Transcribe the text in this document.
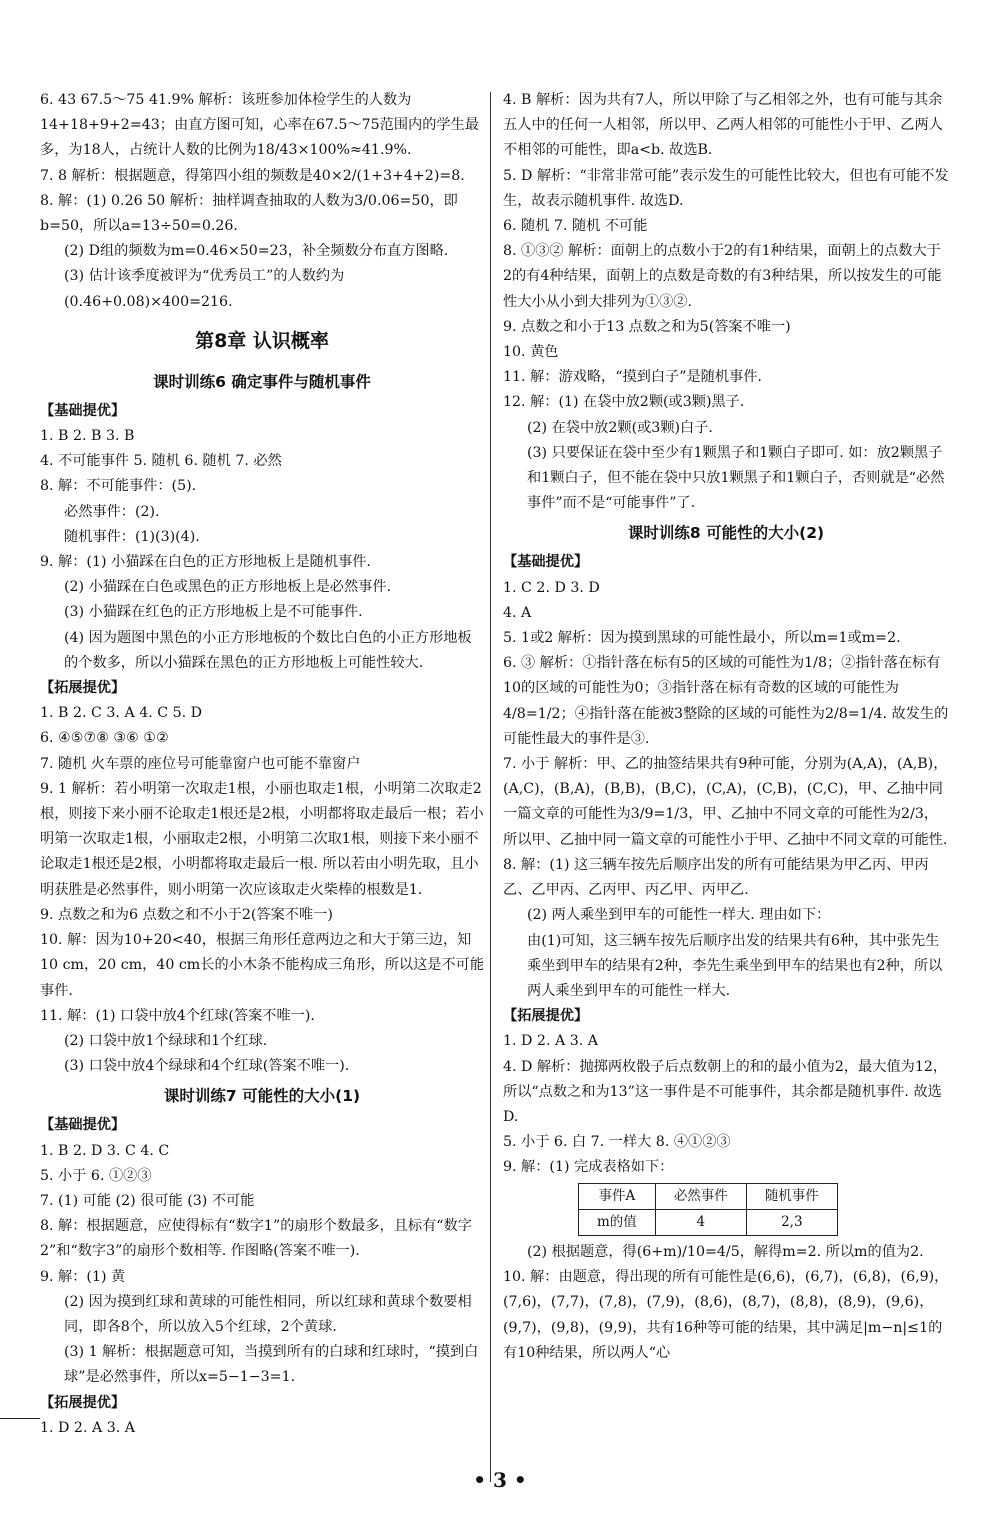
6. 43 67.5～75 41.9% 解析：该班参加体检学生的人数为14+18+9+2=43；由直方图可知，心率在67.5～75范围内的学生最多，为18人，占统计人数的比例为18/43×100%≈41.9%.
7. 8 解析：根据题意，得第四小组的频数是40×2/(1+3+4+2)=8.
8. 解：(1) 0.26 50 解析：抽样调查抽取的人数为3/0.06=50，即b=50，所以a=13÷50=0.26.
(2) D组的频数为m=0.46×50=23，补全频数分布直方图略.
(3) 估计该季度被评为“优秀员工”的人数约为(0.46+0.08)×400=216.
第8章 认识概率
课时训练6 确定事件与随机事件
【基础提优】
1. B 2. B 3. B
4. 不可能事件 5. 随机 6. 随机 7. 必然
8. 解：不可能事件：(5).
必然事件：(2).
随机事件：(1)(3)(4).
9. 解：(1) 小猫踩在白色的正方形地板上是随机事件.
(2) 小猫踩在白色或黑色的正方形地板上是必然事件.
(3) 小猫踩在红色的正方形地板上是不可能事件.
(4) 因为题图中黑色的小正方形地板的个数比白色的小正方形地板的个数多，所以小猫踩在黑色的正方形地板上可能性较大.
【拓展提优】
1. B 2. C 3. A 4. C 5. D
6. ④⑤⑦⑧ ③⑥ ①②
7. 随机 火车票的座位号可能靠窗户也可能不靠窗户
9. 1 解析：若小明第一次取走1根，小丽也取走1根，小明第二次取走2根，则接下来小丽不论取走1根还是2根，小明都将取走最后一根；若小明第一次取走1根，小丽取走2根，小明第二次取1根，则接下来小丽不论取走1根还是2根，小明都将取走最后一根. 所以若由小明先取，且小明获胜是必然事件，则小明第一次应该取走火柴棒的根数是1.
9. 点数之和为6 点数之和不小于2(答案不唯一)
10. 解：因为10+20<40，根据三角形任意两边之和大于第三边，知10 cm，20 cm，40 cm长的小木条不能构成三角形，所以这是不可能事件.
11. 解：(1) 口袋中放4个红球(答案不唯一).
(2) 口袋中放1个绿球和1个红球.
(3) 口袋中放4个绿球和4个红球(答案不唯一).
课时训练7 可能性的大小(1)
【基础提优】
1. B 2. D 3. C 4. C
5. 小于 6. ①②③
7. (1) 可能 (2) 很可能 (3) 不可能
8. 解：根据题意，应使得标有“数字1”的扇形个数最多，且标有“数字2”和“数字3”的扇形个数相等. 作图略(答案不唯一).
9. 解：(1) 黄
(2) 因为摸到红球和黄球的可能性相同，所以红球和黄球个数要相同，即各8个，所以放入5个红球，2个黄球.
(3) 1 解析：根据题意可知，当摸到所有的白球和红球时，“摸到白球”是必然事件，所以x=5−1−3=1.
【拓展提优】
1. D 2. A 3. A
4. B 解析：因为共有7人，所以甲除了与乙相邻之外，也有可能与其余五人中的任何一人相邻，所以甲、乙两人相邻的可能性小于甲、乙两人不相邻的可能性，即a<b. 故选B.
5. D 解析：“非常非常可能”表示发生的可能性比较大，但也有可能不发生，故表示随机事件. 故选D.
6. 随机 7. 随机 不可能
8. ①③② 解析：面朝上的点数小于2的有1种结果，面朝上的点数大于2的有4种结果，面朝上的点数是奇数的有3种结果，所以按发生的可能性大小从小到大排列为①③②.
9. 点数之和小于13 点数之和为5(答案不唯一)
10. 黄色
11. 解：游戏略，“摸到白子”是随机事件.
12. 解：(1) 在袋中放2颗(或3颗)黑子.
(2) 在袋中放2颗(或3颗)白子.
(3) 只要保证在袋中至少有1颗黑子和1颗白子即可. 如：放2颗黑子和1颗白子，但不能在袋中只放1颗黑子和1颗白子，否则就是“必然事件”而不是“可能事件”了.
课时训练8 可能性的大小(2)
【基础提优】
1. C 2. D 3. D
4. A
5. 1或2 解析：因为摸到黑球的可能性最小，所以m=1或m=2.
6. ③ 解析：①指针落在标有5的区域的可能性为1/8；②指针落在标有10的区域的可能性为0；③指针落在标有奇数的区域的可能性为4/8=1/2；④指针落在能被3整除的区域的可能性为2/8=1/4. 故发生的可能性最大的事件是③.
7. 小于 解析：甲、乙的抽签结果共有9种可能，分别为(A,A)，(A,B)，(A,C)，(B,A)，(B,B)，(B,C)，(C,A)，(C,B)，(C,C)，甲、乙抽中同一篇文章的可能性为3/9=1/3，甲、乙抽中不同文章的可能性为2/3，所以甲、乙抽中同一篇文章的可能性小于甲、乙抽中不同文章的可能性.
8. 解：(1) 这三辆车按先后顺序出发的所有可能结果为甲乙丙、甲丙乙、乙甲丙、乙丙甲、丙乙甲、丙甲乙.
(2) 两人乘坐到甲车的可能性一样大. 理由如下：
由(1)可知，这三辆车按先后顺序出发的结果共有6种，其中张先生乘坐到甲车的结果有2种，李先生乘坐到甲车的结果也有2种，所以两人乘坐到甲车的可能性一样大.
【拓展提优】
1. D 2. A 3. A
4. D 解析：抛掷两枚骰子后点数朝上的和的最小值为2，最大值为12，所以“点数之和为13”这一事件是不可能事件，其余都是随机事件. 故选D.
5. 小于 6. 白 7. 一样大 8. ④①②③
9. 解：(1) 完成表格如下：
事件A	必然事件	随机事件
m的值	4	2,3
(2) 根据题意，得(6+m)/10=4/5，解得m=2. 所以m的值为2.
10. 解：由题意，得出现的所有可能性是(6,6)，(6,7)，(6,8)，(6,9)，(7,6)，(7,7)，(7,8)，(7,9)，(8,6)，(8,7)，(8,8)，(8,9)，(9,6)，(9,7)，(9,8)，(9,9)，共有16种等可能的结果，其中满足|m−n|≤1的有10种结果，所以两人“心
• 3 •
